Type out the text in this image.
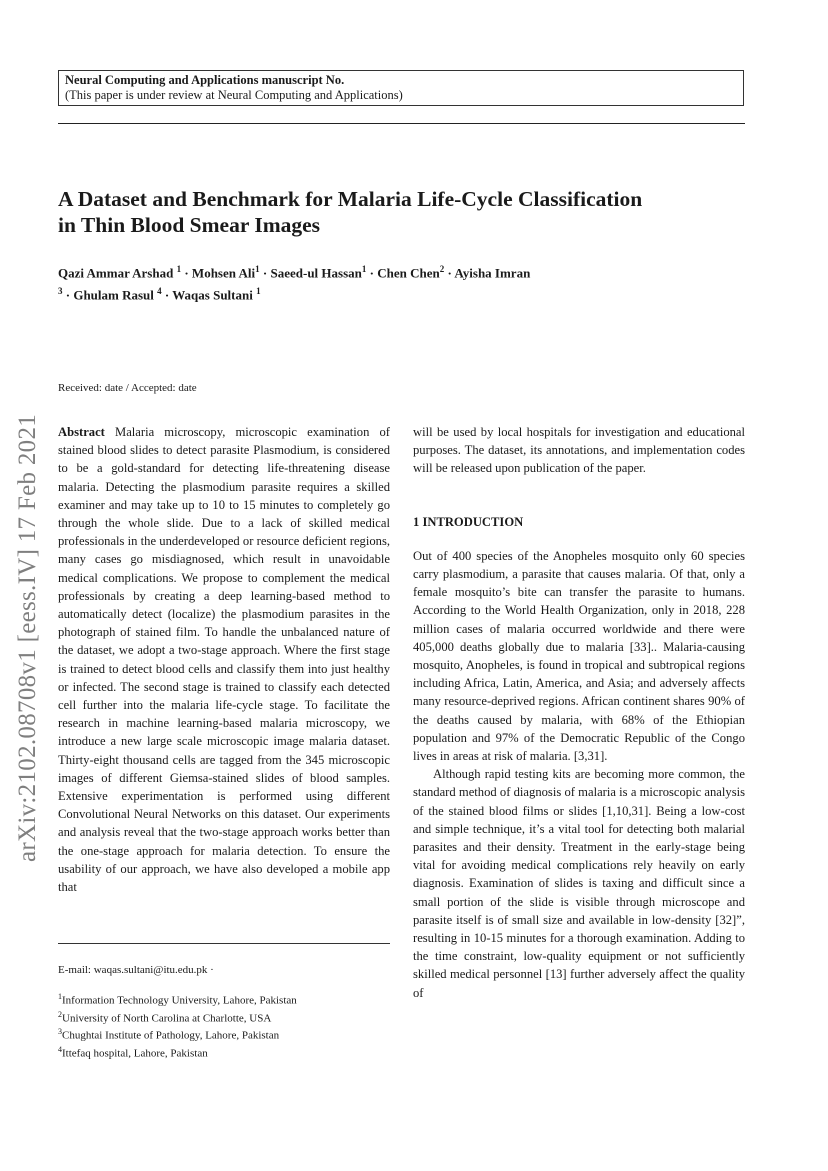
Neural Computing and Applications manuscript No.
(This paper is under review at Neural Computing and Applications)
arXiv:2102.08708v1 [eess.IV] 17 Feb 2021
A Dataset and Benchmark for Malaria Life-Cycle Classification
in Thin Blood Smear Images
Qazi Ammar Arshad $^1$ · Mohsen Ali$^1$ · Saeed-ul Hassan$^1$ · Chen Chen$^2$ · Ayisha Imran $^3$ · Ghulam Rasul $^4$ · Waqas Sultani $^1$
Received: date / Accepted: date

Abstract Malaria microscopy, microscopic examination of stained blood slides to detect parasite Plasmodium, is considered to be a gold-standard for detecting life-threatening disease malaria. Detecting the plasmodium parasite requires a skilled examiner and may take up to 10 to 15 minutes to completely go through the whole slide. Due to a lack of skilled medical professionals in the underdeveloped or resource deficient regions, many cases go misdiagnosed, which result in unavoidable medical complications. We propose to complement the medical professionals by creating a deep learning-based method to automatically detect (localize) the plasmodium parasites in the photograph of stained film. To handle the unbalanced nature of the dataset, we adopt a two-stage approach. Where the first stage is trained to detect blood cells and classify them into just healthy or infected. The second stage is trained to classify each detected cell further into the malaria life-cycle stage. To facilitate the research in machine learning-based malaria microscopy, we introduce a new large scale microscopic image malaria dataset. Thirty-eight thousand cells are tagged from the 345 microscopic images of different Giemsa-stained slides of blood samples. Extensive experimentation is performed using different Convolutional Neural Networks on this dataset. Our experiments and analysis reveal that the two-stage approach works better than the one-stage approach for malaria detection. To ensure the usability of our approach, we have also developed a mobile app that

will be used by local hospitals for investigation and educational purposes. The dataset, its annotations, and implementation codes will be released upon publication of the paper.

1 INTRODUCTION

Out of 400 species of the Anopheles mosquito only 60 species carry plasmodium, a parasite that causes malaria. Of that, only a female mosquito’s bite can transfer the parasite to humans. According to the World Health Organization, only in 2018, 228 million cases of malaria occurred worldwide and there were 405,000 deaths globally due to malaria [33].. Malaria-causing mosquito, Anopheles, is found in tropical and subtropical regions including Africa, Latin, America, and Asia; and adversely affects many resource-deprived regions. African continent shares 90% of the deaths caused by malaria, with 68% of the Ethiopian population and 97% of the Democratic Republic of the Congo lives in areas at risk of malaria. [3,31].

Although rapid testing kits are becoming more common, the standard method of diagnosis of malaria is a microscopic analysis of the stained blood films or slides [1,10,31]. Being a low-cost and simple technique, it’s a vital tool for detecting both malarial parasites and their density. Treatment in the early-stage being vital for avoiding medical complications rely heavily on early diagnosis. Examination of slides is taxing and difficult since a small portion of the slide is visible through microscope and parasite itself is of small size and available in low-density [32]”, resulting in 10-15 minutes for a thorough examination. Adding to the time constraint, low-quality equipment or not sufficiently skilled medical personnel [13] further adversely affect the quality of

E-mail: waqas.sultani@itu.edu.pk ·
$^1$Information Technology University, Lahore, Pakistan
$^2$University of North Carolina at Charlotte, USA
$^3$Chughtai Institute of Pathology, Lahore, Pakistan
$^4$Ittefaq hospital, Lahore, Pakistan
